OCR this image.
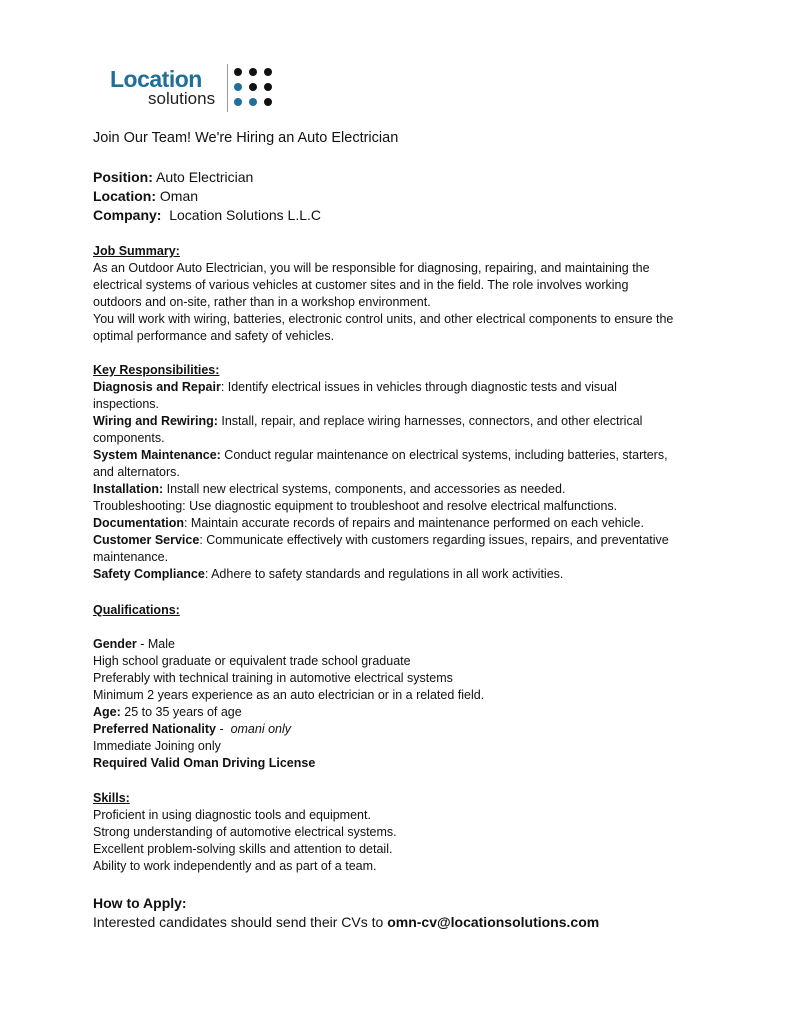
Location
solutions

Join Our Team! We're Hiring an Auto Electrician

Position: Auto Electrician
Location: Oman
Company: Location Solutions L.L.C
Job Summary:
As an Outdoor Auto Electrician, you will be responsible for diagnosing, repairing, and maintaining the
electrical systems of various vehicles at customer sites and in the field. The role involves working
outdoors and on-site, rather than in a workshop environment.
You will work with wiring, batteries, electronic control units, and other electrical components to ensure the
optimal performance and safety of vehicles.
Key Responsibilities:
Diagnosis and Repair: Identify electrical issues in vehicles through diagnostic tests and visual
inspections.
Wiring and Rewiring: Install, repair, and replace wiring harnesses, connectors, and other electrical
components.
System Maintenance: Conduct regular maintenance on electrical systems, including batteries, starters,
and alternators.
Installation: Install new electrical systems, components, and accessories as needed.
Troubleshooting: Use diagnostic equipment to troubleshoot and resolve electrical malfunctions.
Documentation: Maintain accurate records of repairs and maintenance performed on each vehicle.
Customer Service: Communicate effectively with customers regarding issues, repairs, and preventative
maintenance.
Safety Compliance: Adhere to safety standards and regulations in all work activities.
Qualifications:
Gender - Male
High school graduate or equivalent trade school graduate
Preferably with technical training in automotive electrical systems
Minimum 2 years experience as an auto electrician or in a related field.
Age: 25 to 35 years of age
Preferred Nationality -  omani only
Immediate Joining only
Required Valid Oman Driving License
Skills:
Proficient in using diagnostic tools and equipment.
Strong understanding of automotive electrical systems.
Excellent problem-solving skills and attention to detail.
Ability to work independently and as part of a team.
How to Apply:
Interested candidates should send their CVs to omn-cv@locationsolutions.com
